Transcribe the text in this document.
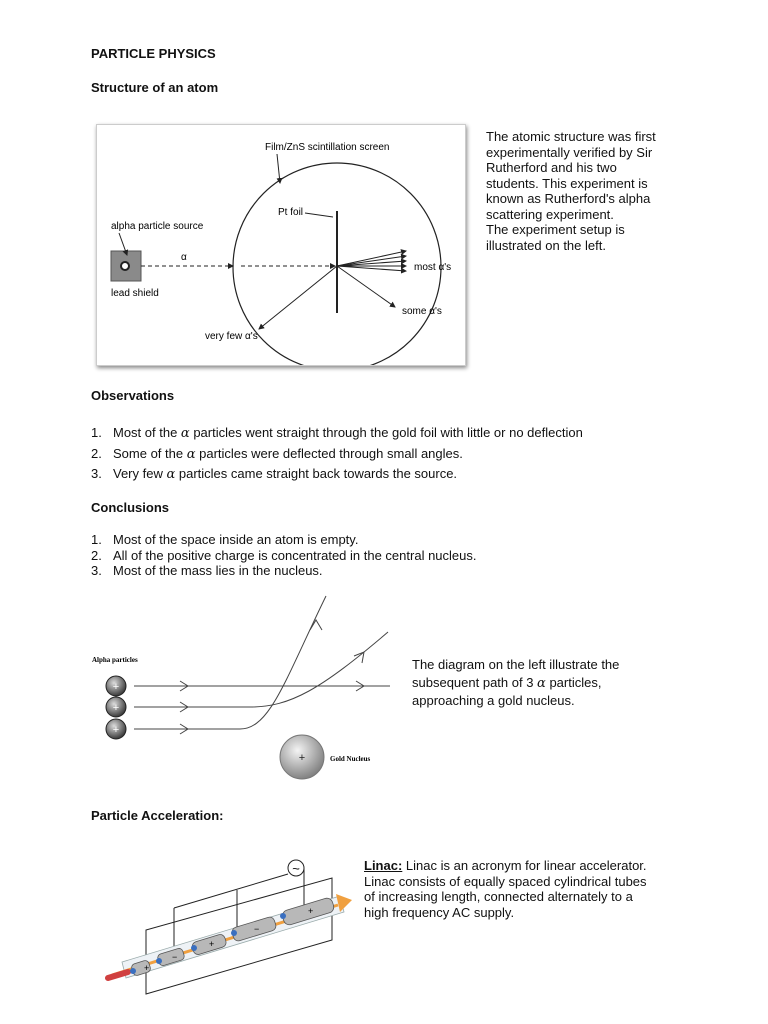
PARTICLE PHYSICS
Structure of an atom
Film/ZnS scintillation screen
Pt foil
alpha particle source
α
lead shield
most α's
some α's
very few α's
The atomic structure was first
experimentally verified by Sir
Rutherford and his two
students. This experiment is
known as Rutherford's alpha
scattering experiment.
The experiment setup is
illustrated on the left.
Observations
1. Most of the α particles went straight through the gold foil with little or no deflection
2. Some of the α particles were deflected through small angles.
3. Very few α particles came straight back towards the source.
Conclusions
1. Most of the space inside an atom is empty.
2. All of the positive charge is concentrated in the central nucleus.
3. Most of the mass lies in the nucleus.
Alpha particles
+
+
+
+	Gold Nucleus
The diagram on the left illustrate the
subsequent path of 3 α particles,
approaching a gold nucleus.
Particle Acceleration:
~
+
−
+
−
+
Linac: Linac is an acronym for linear accelerator.
Linac consists of equally spaced cylindrical tubes
of increasing length, connected alternately to a
high frequency AC supply.
